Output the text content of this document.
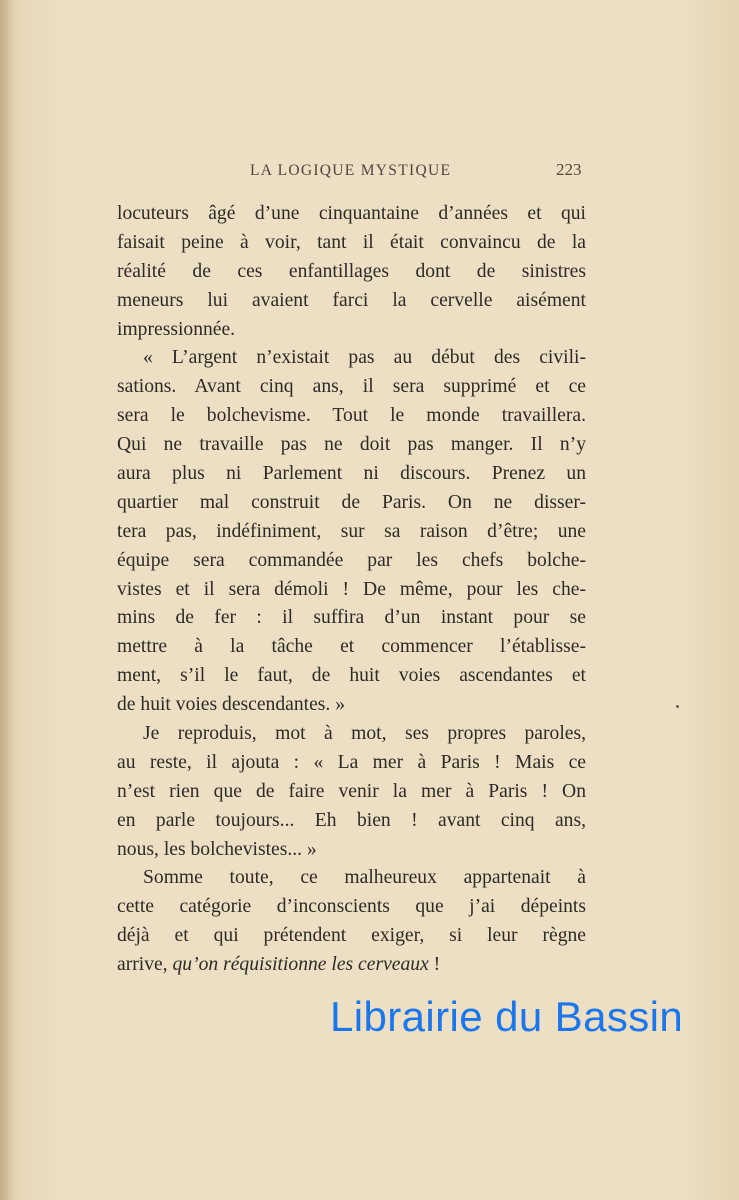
LA LOGIQUE MYSTIQUE	223
locuteurs âgé d’une cinquantaine d’années et qui
faisait peine à voir, tant il était convaincu de la
réalité de ces enfantillages dont de sinistres
meneurs lui avaient farci la cervelle aisément
impressionnée.
« L’argent n’existait pas au début des civili-
sations. Avant cinq ans, il sera supprimé et ce
sera le bolchevisme. Tout le monde travaillera.
Qui ne travaille pas ne doit pas manger. Il n’y
aura plus ni Parlement ni discours. Prenez un
quartier mal construit de Paris. On ne disser-
tera pas, indéfiniment, sur sa raison d’être; une
équipe sera commandée par les chefs bolche-
vistes et il sera démoli ! De même, pour les che-
mins de fer : il suffira d’un instant pour se
mettre à la tâche et commencer l’établisse-
ment, s’il le faut, de huit voies ascendantes et
de huit voies descendantes. »
Je reproduis, mot à mot, ses propres paroles,
au reste, il ajouta : « La mer à Paris ! Mais ce
n’est rien que de faire venir la mer à Paris ! On
en parle toujours... Eh bien ! avant cinq ans,
nous, les bolchevistes... »
Somme toute, ce malheureux appartenait à
cette catégorie d’inconscients que j’ai dépeints
déjà et qui prétendent exiger, si leur règne
arrive, qu’on réquisitionne les cerveaux !
Librairie du Bassin
